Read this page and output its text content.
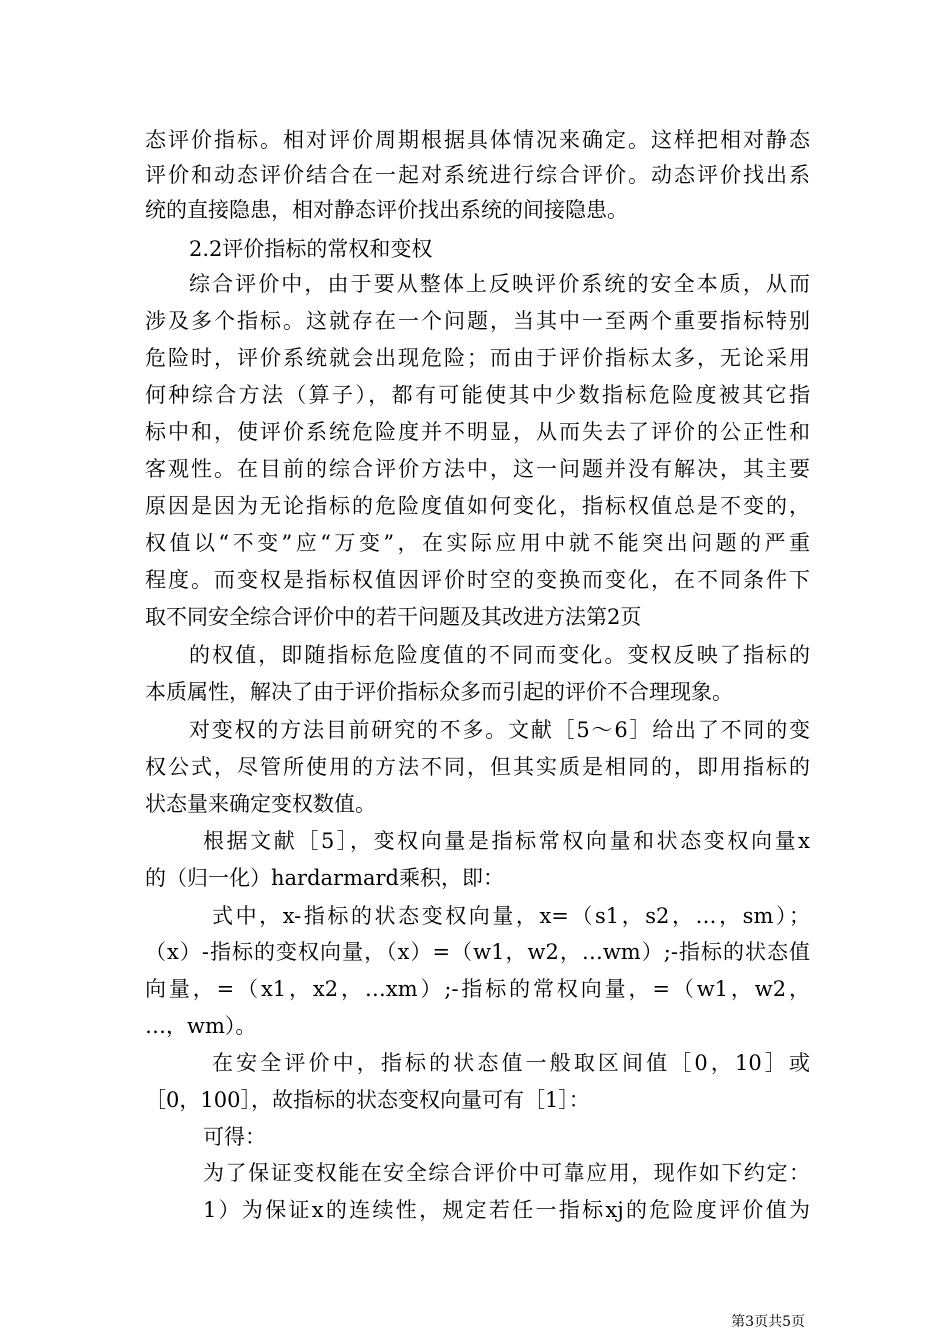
态评价指标。相对评价周期根据具体情况来确定。这样把相对静态
评价和动态评价结合在一起对系统进行综合评价。动态评价找出系
统的直接隐患，相对静态评价找出系统的间接隐患。
2.2评价指标的常权和变权
综合评价中，由于要从整体上反映评价系统的安全本质，从而
涉及多个指标。这就存在一个问题，当其中一至两个重要指标特别
危险时，评价系统就会出现危险；而由于评价指标太多，无论采用
何种综合方法（算子），都有可能使其中少数指标危险度被其它指
标中和，使评价系统危险度并不明显，从而失去了评价的公正性和
客观性。在目前的综合评价方法中，这一问题并没有解决，其主要
原因是因为无论指标的危险度值如何变化，指标权值总是不变的，
权值以“不变”应“万变”，在实际应用中就不能突出问题的严重
程度。而变权是指标权值因评价时空的变换而变化，在不同条件下
取不同安全综合评价中的若干问题及其改进方法第2页
的权值，即随指标危险度值的不同而变化。变权反映了指标的
本质属性，解决了由于评价指标众多而引起的评价不合理现象。
对变权的方法目前研究的不多。文献［5～6］给出了不同的变
权公式，尽管所使用的方法不同，但其实质是相同的，即用指标的
状态量来确定变权数值。
根据文献［5］，变权向量是指标常权向量和状态变权向量x
的（归一化）hardarmard乘积，即：
式中，x-指标的状态变权向量，x=（s1，s2，…，sm）；
（x）-指标的变权向量，（x）=（w1，w2，…wm）;-指标的状态值
向量，=（x1，x2，…xm）;-指标的常权向量，=（w1，w2，
…，wm）。
在安全评价中，指标的状态值一般取区间值［0，10］或
［0，100］，故指标的状态变权向量可有［1］：
可得：
为了保证变权能在安全综合评价中可靠应用，现作如下约定：
1）为保证x的连续性，规定若任一指标xj的危险度评价值为
第3页共5页
